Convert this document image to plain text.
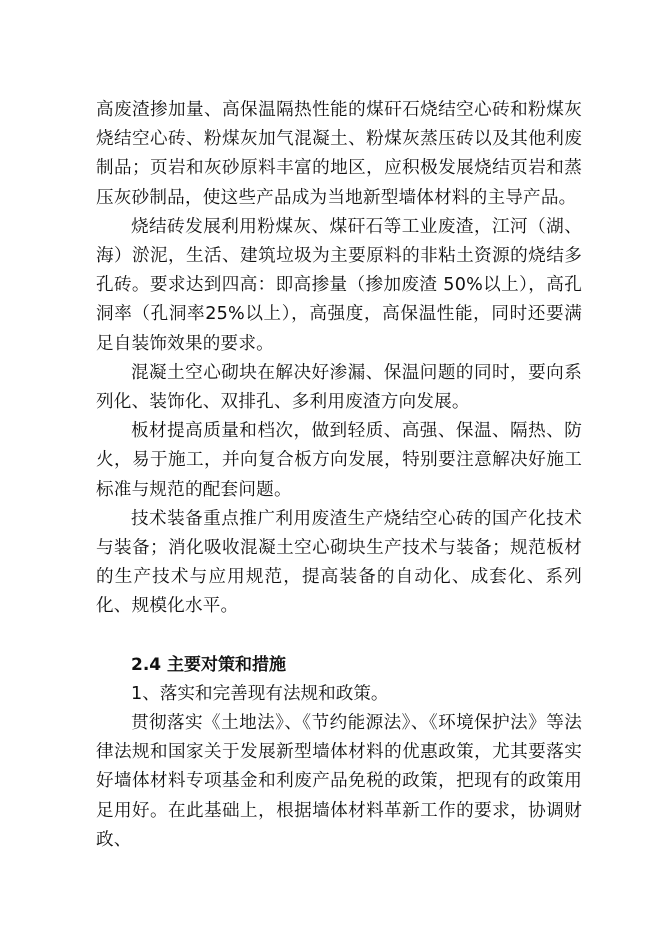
高废渣掺加量、高保温隔热性能的煤矸石烧结空心砖和粉煤灰烧结空心砖、粉煤灰加气混凝土、粉煤灰蒸压砖以及其他利废制品；页岩和灰砂原料丰富的地区，应积极发展烧结页岩和蒸压灰砂制品，使这些产品成为当地新型墙体材料的主导产品。

烧结砖发展利用粉煤灰、煤矸石等工业废渣，江河（湖、海）淤泥，生活、建筑垃圾为主要原料的非粘土资源的烧结多孔砖。要求达到四高：即高掺量（掺加废渣 50%以上），高孔洞率（孔洞率25%以上），高强度，高保温性能，同时还要满足自装饰效果的要求。

混凝土空心砌块在解决好渗漏、保温问题的同时，要向系列化、装饰化、双排孔、多利用废渣方向发展。

板材提高质量和档次，做到轻质、高强、保温、隔热、防火，易于施工，并向复合板方向发展，特别要注意解决好施工标准与规范的配套问题。

技术装备重点推广利用废渣生产烧结空心砖的国产化技术与装备；消化吸收混凝土空心砌块生产技术与装备；规范板材的生产技术与应用规范，提高装备的自动化、成套化、系列化、规模化水平。

2.4 主要对策和措施

1、落实和完善现有法规和政策。

贯彻落实《土地法》、《节约能源法》、《环境保护法》等法律法规和国家关于发展新型墙体材料的优惠政策，尤其要落实好墙体材料专项基金和利废产品免税的政策，把现有的政策用足用好。在此基础上，根据墙体材料革新工作的要求，协调财政、
